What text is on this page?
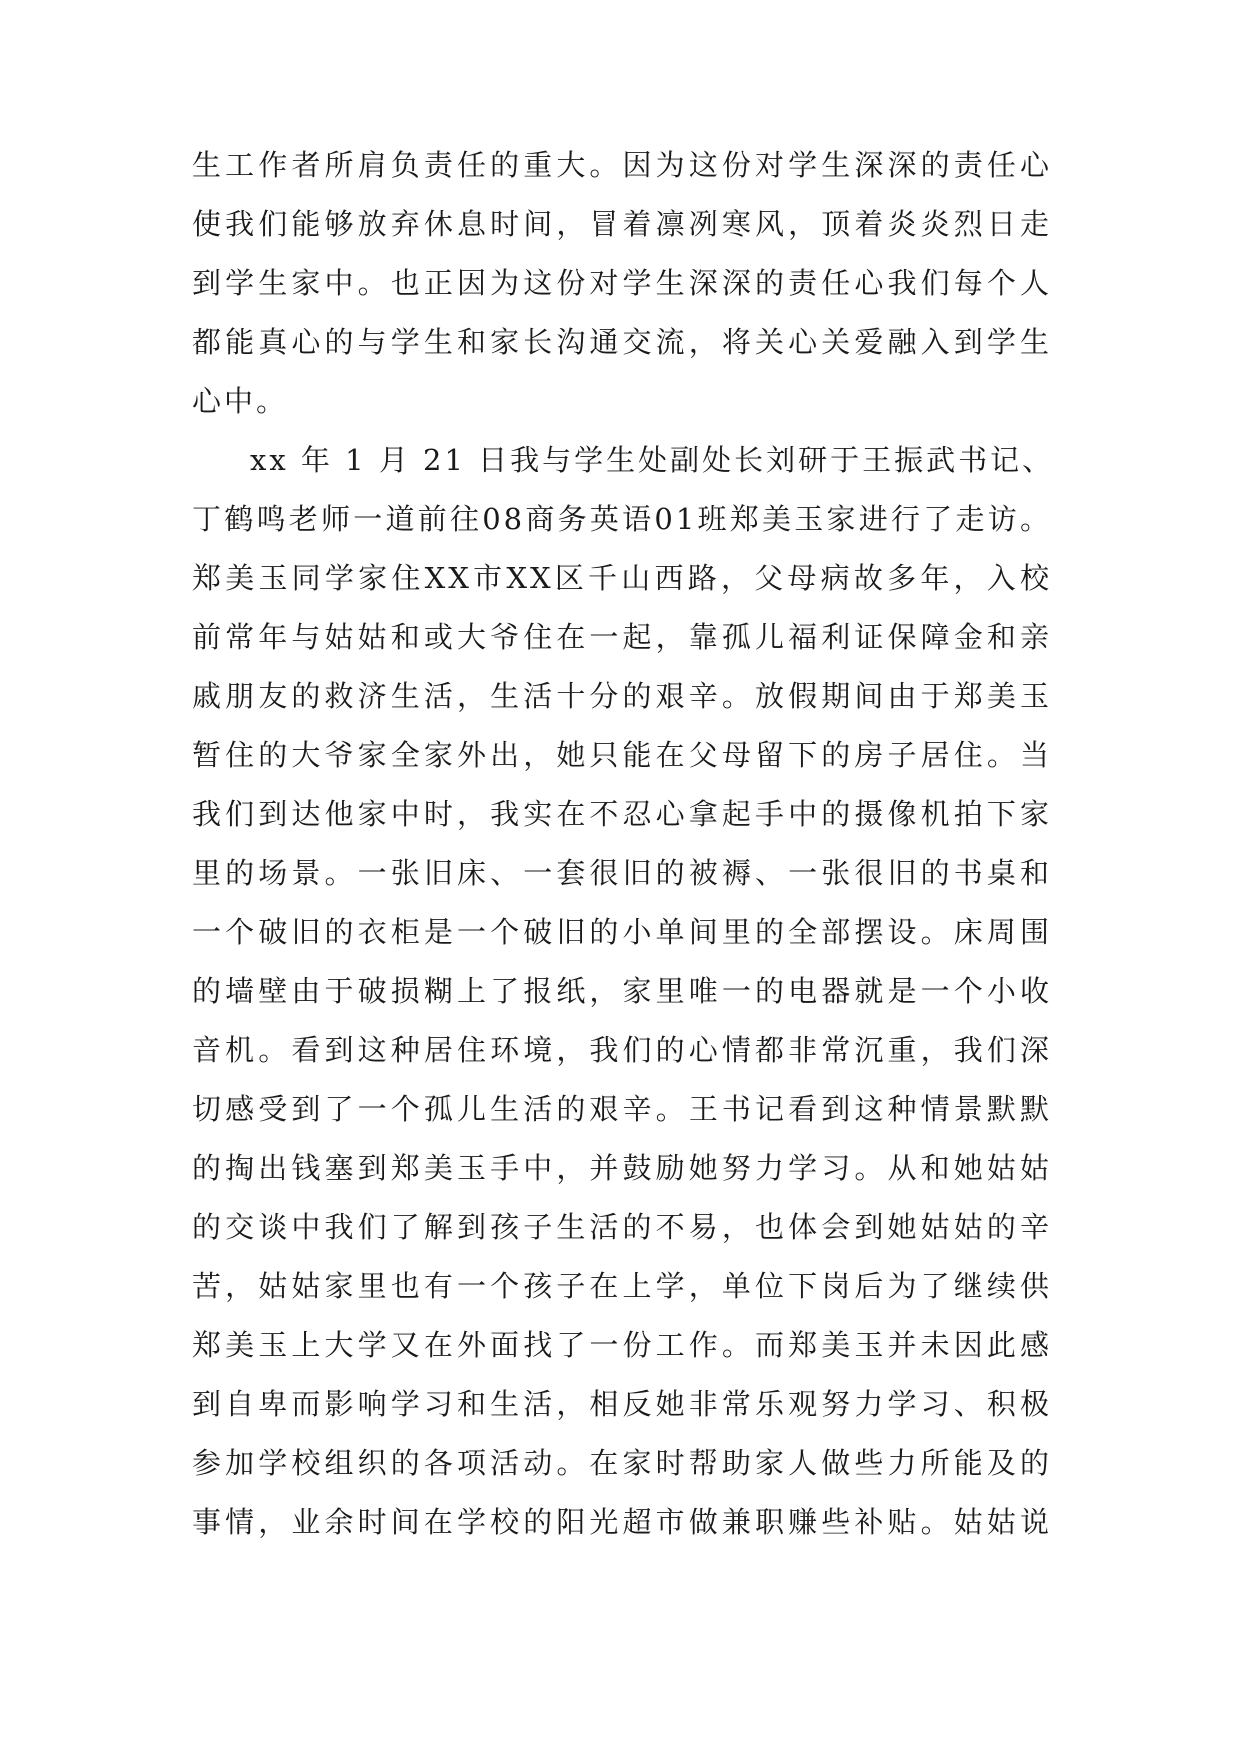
生工作者所肩负责任的重大。因为这份对学生深深的责任心
使我们能够放弃休息时间，冒着凛冽寒风，顶着炎炎烈日走
到学生家中。也正因为这份对学生深深的责任心我们每个人
都能真心的与学生和家长沟通交流，将关心关爱融入到学生
心中。
xx 年 1 月 21 日我与学生处副处长刘研于王振武书记、
丁鹤鸣老师一道前往08商务英语01班郑美玉家进行了走访。
郑美玉同学家住XX市XX区千山西路，父母病故多年，入校
前常年与姑姑和或大爷住在一起，靠孤儿福利证保障金和亲
戚朋友的救济生活，生活十分的艰辛。放假期间由于郑美玉
暂住的大爷家全家外出，她只能在父母留下的房子居住。当
我们到达他家中时，我实在不忍心拿起手中的摄像机拍下家
里的场景。一张旧床、一套很旧的被褥、一张很旧的书桌和
一个破旧的衣柜是一个破旧的小单间里的全部摆设。床周围
的墙壁由于破损糊上了报纸，家里唯一的电器就是一个小收
音机。看到这种居住环境，我们的心情都非常沉重，我们深
切感受到了一个孤儿生活的艰辛。王书记看到这种情景默默
的掏出钱塞到郑美玉手中，并鼓励她努力学习。从和她姑姑
的交谈中我们了解到孩子生活的不易，也体会到她姑姑的辛
苦，姑姑家里也有一个孩子在上学，单位下岗后为了继续供
郑美玉上大学又在外面找了一份工作。而郑美玉并未因此感
到自卑而影响学习和生活，相反她非常乐观努力学习、积极
参加学校组织的各项活动。在家时帮助家人做些力所能及的
事情，业余时间在学校的阳光超市做兼职赚些补贴。姑姑说
